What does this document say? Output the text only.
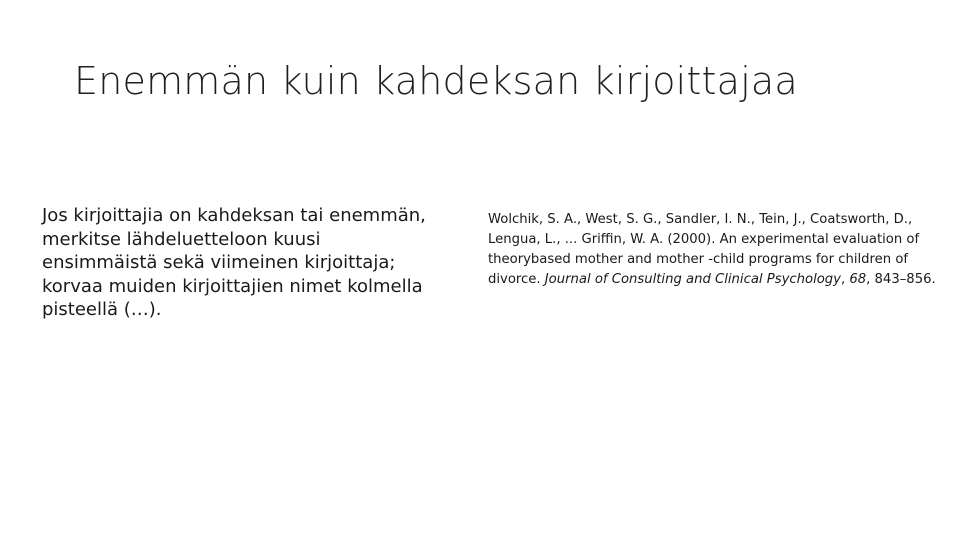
Enemmän kuin kahdeksan kirjoittajaa

Jos kirjoittajia on kahdeksan tai enemmän, merkitse lähdeluetteloon kuusi ensimmäistä sekä viimeinen kirjoittaja; korvaa muiden kirjoittajien nimet kolmella pisteellä (…).

Wolchik, S. A., West, S. G., Sandler, I. N., Tein, J., Coatsworth, D., Lengua, L., ... Griffin, W. A. (2000). An experimental evaluation of theorybased mother and mother -child programs for children of divorce. Journal of Consulting and Clinical Psychology, 68, 843–856.
